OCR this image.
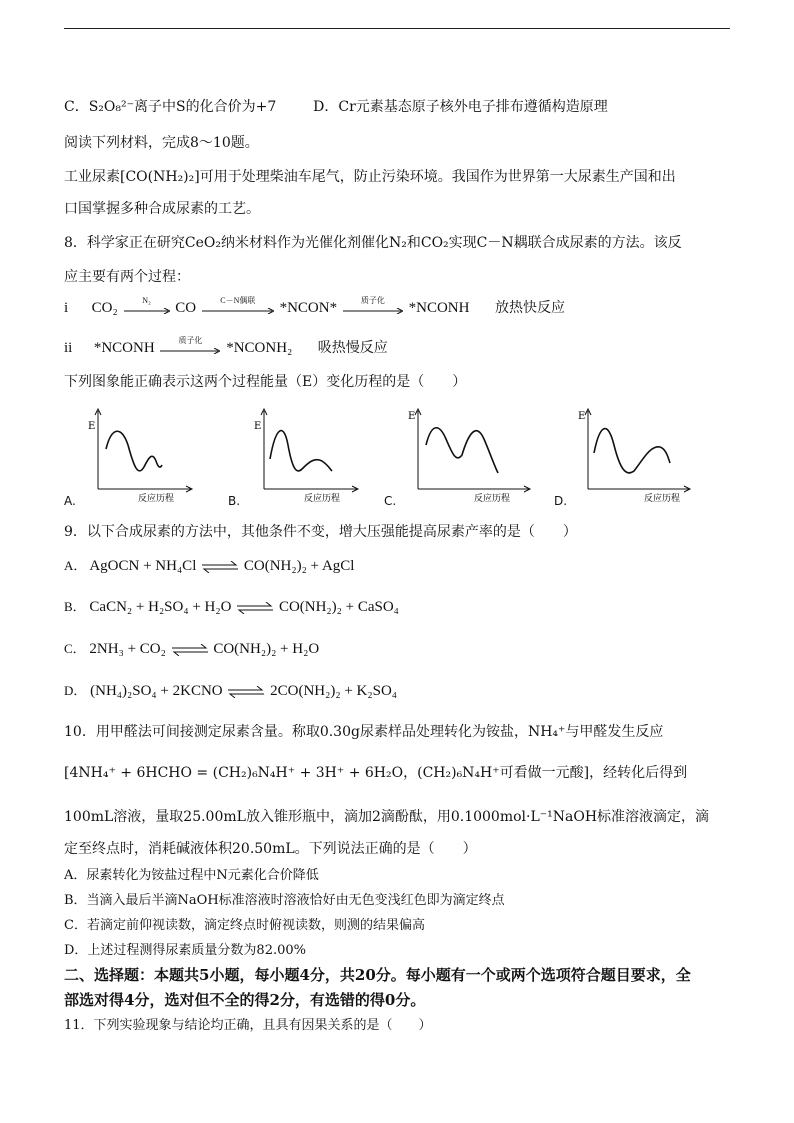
C．S₂O₈²⁻离子中S的化合价为+7	D．Cr元素基态原子核外电子排布遵循构造原理
阅读下列材料，完成8～10题。
工业尿素[CO(NH₂)₂]可用于处理柴油车尾气，防止污染环境。我国作为世界第一大尿素生产国和出
口国掌握多种合成尿素的工艺。
8．科学家正在研究CeO₂纳米材料作为光催化剂催化N₂和CO₂实现C－N耦联合成尿素的方法。该反
应主要有两个过程：
i CO₂	N₂	CO	C－N偶联	*NCON*	质子化	*NCONH 放热快反应
ii *NCONH	质子化	*NCONH₂ 吸热慢反应
下列图象能正确表示这两个过程能量（E）变化历程的是（　　）
E
反应历程
E
反应历程
E
反应历程
E
反应历程
A.	B.	C.	D.
9．以下合成尿素的方法中，其他条件不变，增大压强能提高尿素产率的是（　　）
A． AgOCN + NH₄Cl ⇌ CO(NH₂)₂ + AgCl
B． CaCN₂ + H₂SO₄ + H₂O ⇌ CO(NH₂)₂ + CaSO₄
C． 2NH₃ + CO₂ ⇌ CO(NH₂)₂ + H₂O
D． (NH₄)₂SO₄ + 2KCNO ⇌ 2CO(NH₂)₂ + K₂SO₄
10．用甲醛法可间接测定尿素含量。称取0.30g尿素样品处理转化为铵盐，NH₄⁺与甲醛发生反应
[4NH₄⁺ + 6HCHO = (CH₂)₆N₄H⁺ + 3H⁺ + 6H₂O，(CH₂)₆N₄H⁺可看做一元酸]，经转化后得到
100mL溶液，量取25.00mL放入锥形瓶中，滴加2滴酚酞，用0.1000mol·L⁻¹NaOH标准溶液滴定，滴
定至终点时，消耗碱液体积20.50mL。下列说法正确的是（　　）
A．尿素转化为铵盐过程中N元素化合价降低
B．当滴入最后半滴NaOH标准溶液时溶液恰好由无色变浅红色即为滴定终点
C．若滴定前仰视读数，滴定终点时俯视读数，则测的结果偏高
D．上述过程测得尿素质量分数为82.00%
二、选择题：本题共5小题，每小题4分，共20分。每小题有一个或两个选项符合题目要求，全
部选对得4分，选对但不全的得2分，有选错的得0分。
11．下列实验现象与结论均正确，且具有因果关系的是（　　）
